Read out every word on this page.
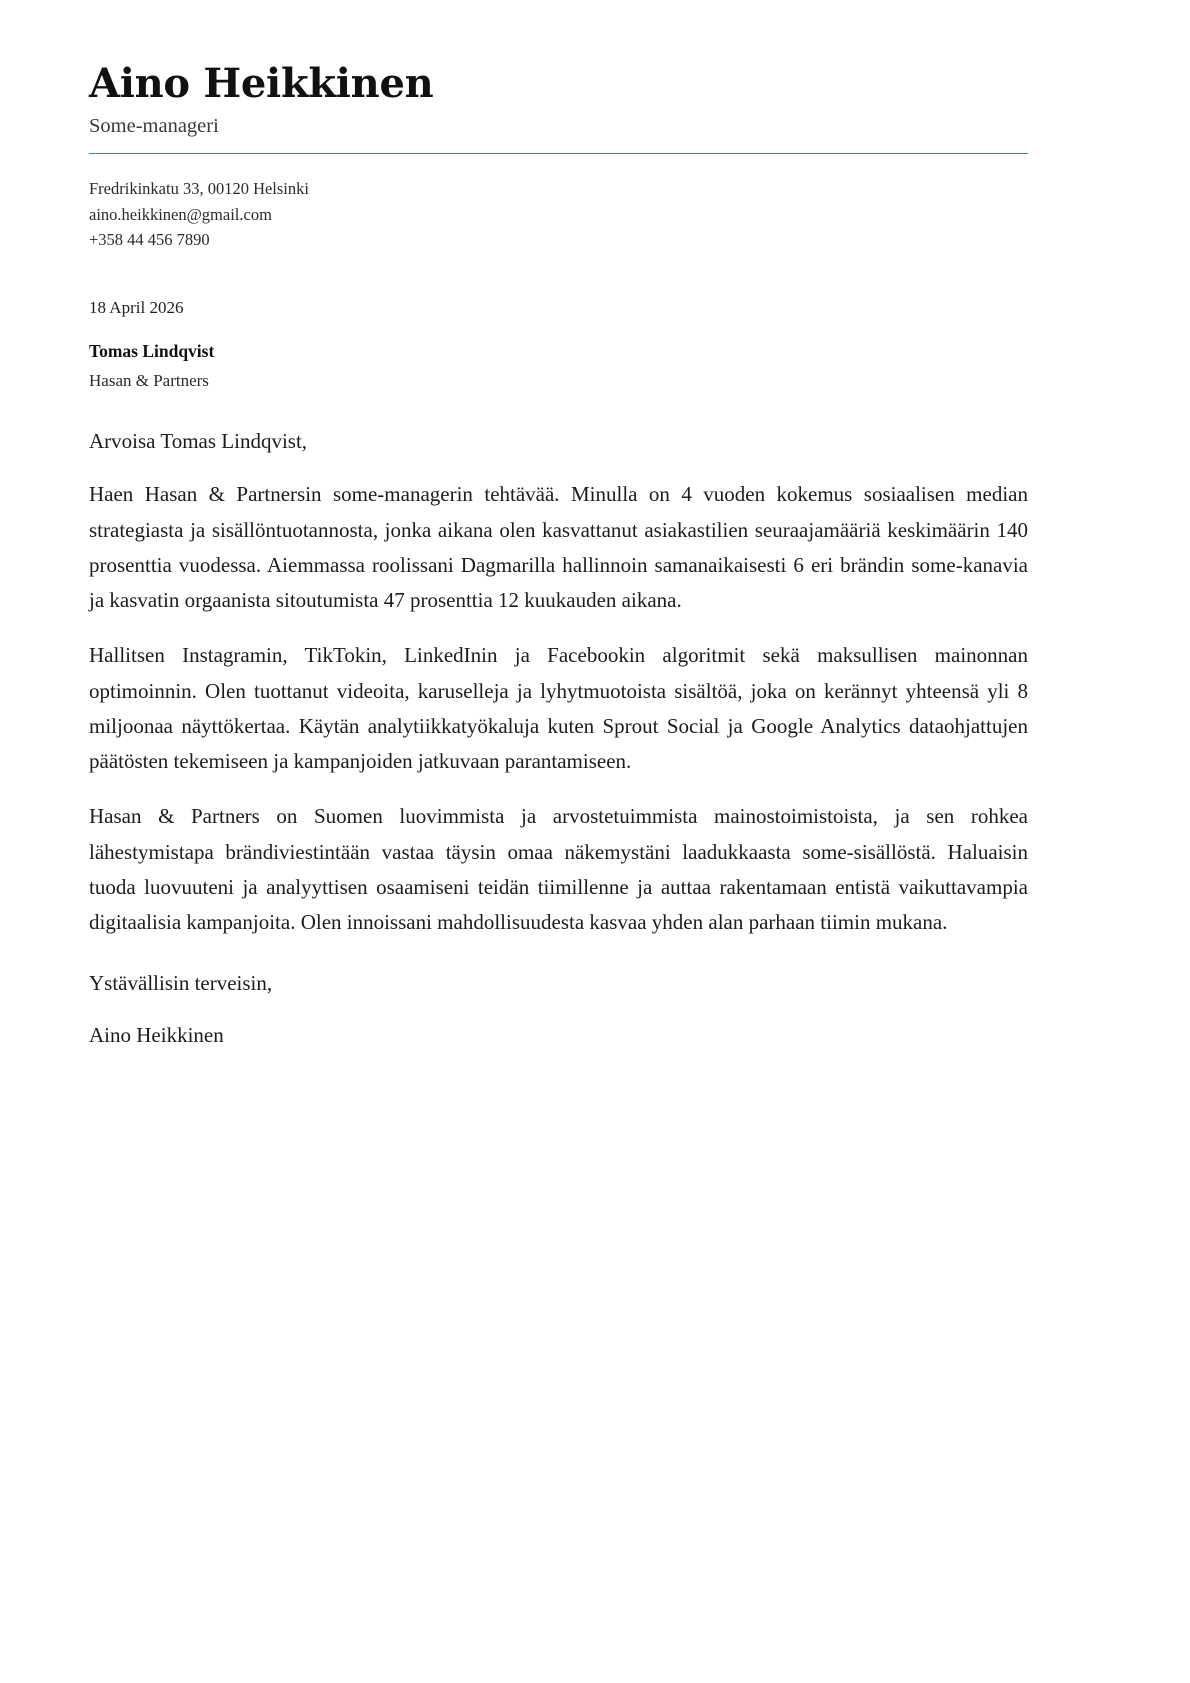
Aino Heikkinen
Some-manageri
Fredrikinkatu 33, 00120 Helsinki
aino.heikkinen@gmail.com
+358 44 456 7890
18 April 2026
Tomas Lindqvist
Hasan & Partners

Arvoisa Tomas Lindqvist,

Haen Hasan & Partnersin some-managerin tehtävää. Minulla on 4 vuoden kokemus sosiaalisen median strategiasta ja sisällöntuotannosta, jonka aikana olen kasvattanut asiakastilien seuraajamääriä keskimäärin 140 prosenttia vuodessa. Aiemmassa roolissani Dagmarilla hallinnoin samanaikaisesti 6 eri brändin some-kanavia ja kasvatin orgaanista sitoutumista 47 prosenttia 12 kuukauden aikana.

Hallitsen Instagramin, TikTokin, LinkedInin ja Facebookin algoritmit sekä maksullisen mainonnan optimoinnin. Olen tuottanut videoita, karuselleja ja lyhytmuotoista sisältöä, joka on kerännyt yhteensä yli 8 miljoonaa näyttökertaa. Käytän analytiikkatyökaluja kuten Sprout Social ja Google Analytics dataohjattujen päätösten tekemiseen ja kampanjoiden jatkuvaan parantamiseen.

Hasan & Partners on Suomen luovimmista ja arvostetuimmista mainostoimistoista, ja sen rohkea lähestymistapa brändiviestintään vastaa täysin omaa näkemystäni laadukkaasta some-sisällöstä. Haluaisin tuoda luovuuteni ja analyyttisen osaamiseni teidän tiimillenne ja auttaa rakentamaan entistä vaikuttavampia digitaalisia kampanjoita. Olen innoissani mahdollisuudesta kasvaa yhden alan parhaan tiimin mukana.

Ystävällisin terveisin,

Aino Heikkinen
